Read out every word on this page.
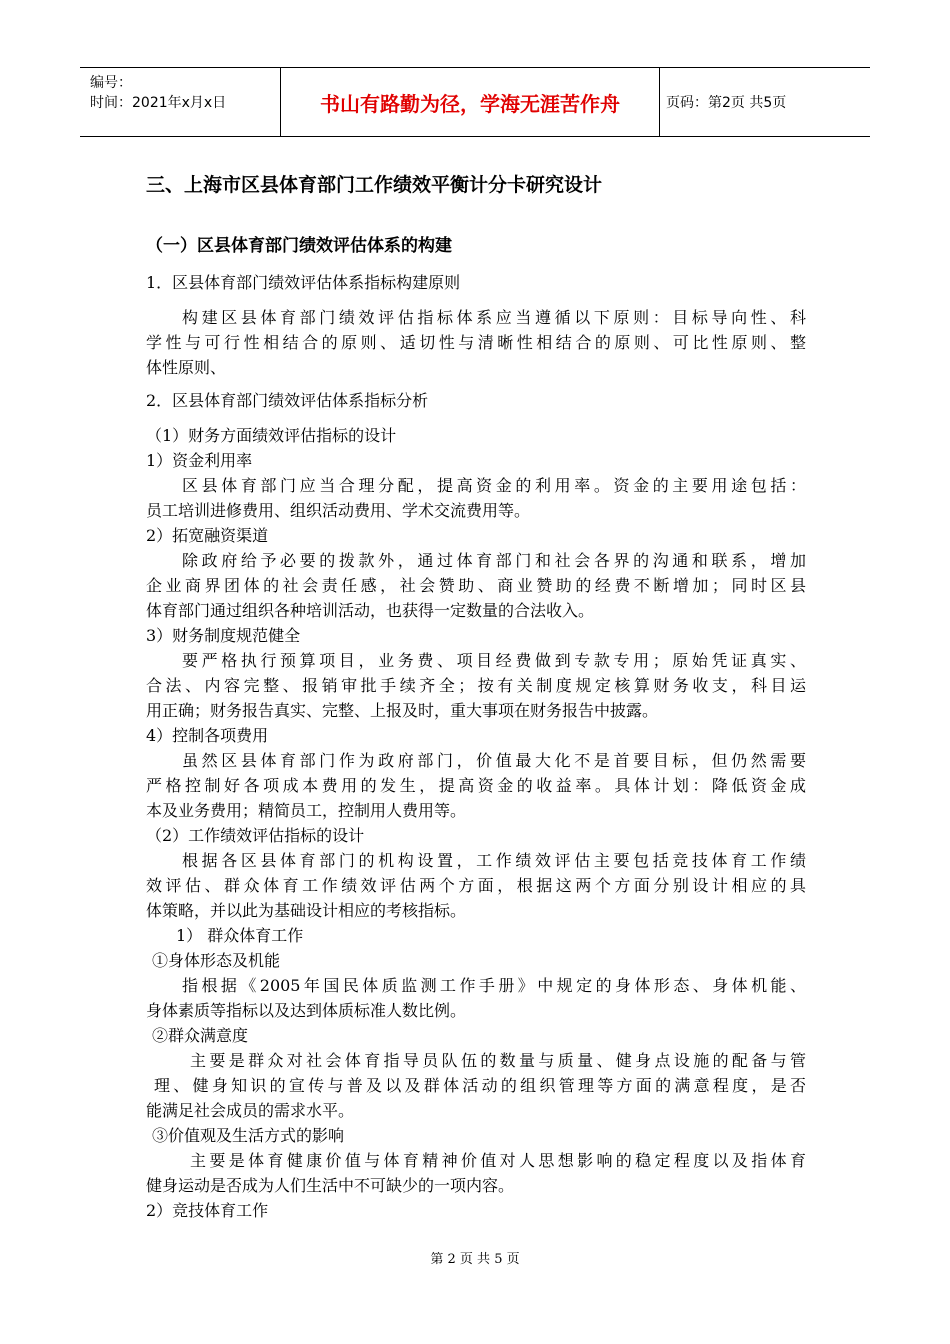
编号：
时间：2021年x月x日	书山有路勤为径，学海无涯苦作舟	页码：第2页 共5页
三、上海市区县体育部门工作绩效平衡计分卡研究设计
（一）区县体育部门绩效评估体系的构建
1．区县体育部门绩效评估体系指标构建原则
构建区县体育部门绩效评估指标体系应当遵循以下原则：目标导向性、科
学性与可行性相结合的原则、适切性与清晰性相结合的原则、可比性原则、整
体性原则、
2．区县体育部门绩效评估体系指标分析
（1）财务方面绩效评估指标的设计
1）资金利用率
区县体育部门应当合理分配，提高资金的利用率。资金的主要用途包括：
员工培训进修费用、组织活动费用、学术交流费用等。
2）拓宽融资渠道
除政府给予必要的拨款外，通过体育部门和社会各界的沟通和联系，增加
企业商界团体的社会责任感，社会赞助、商业赞助的经费不断增加；同时区县
体育部门通过组织各种培训活动，也获得一定数量的合法收入。
3）财务制度规范健全
要严格执行预算项目，业务费、项目经费做到专款专用；原始凭证真实、
合法、内容完整、报销审批手续齐全；按有关制度规定核算财务收支，科目运
用正确；财务报告真实、完整、上报及时，重大事项在财务报告中披露。
4）控制各项费用
虽然区县体育部门作为政府部门，价值最大化不是首要目标，但仍然需要
严格控制好各项成本费用的发生，提高资金的收益率。具体计划：降低资金成
本及业务费用；精简员工，控制用人费用等。
（2）工作绩效评估指标的设计
根据各区县体育部门的机构设置，工作绩效评估主要包括竞技体育工作绩
效评估、群众体育工作绩效评估两个方面，根据这两个方面分别设计相应的具
体策略，并以此为基础设计相应的考核指标。
1） 群众体育工作
①身体形态及机能
指根据《2005年国民体质监测工作手册》中规定的身体形态、身体机能、
身体素质等指标以及达到体质标准人数比例。
②群众满意度
主要是群众对社会体育指导员队伍的数量与质量、健身点设施的配备与管
理、健身知识的宣传与普及以及群体活动的组织管理等方面的满意程度，是否
能满足社会成员的需求水平。
③价值观及生活方式的影响
主要是体育健康价值与体育精神价值对人思想影响的稳定程度以及指体育
健身运动是否成为人们生活中不可缺少的一项内容。
2）竞技体育工作
第 2 页 共 5 页
